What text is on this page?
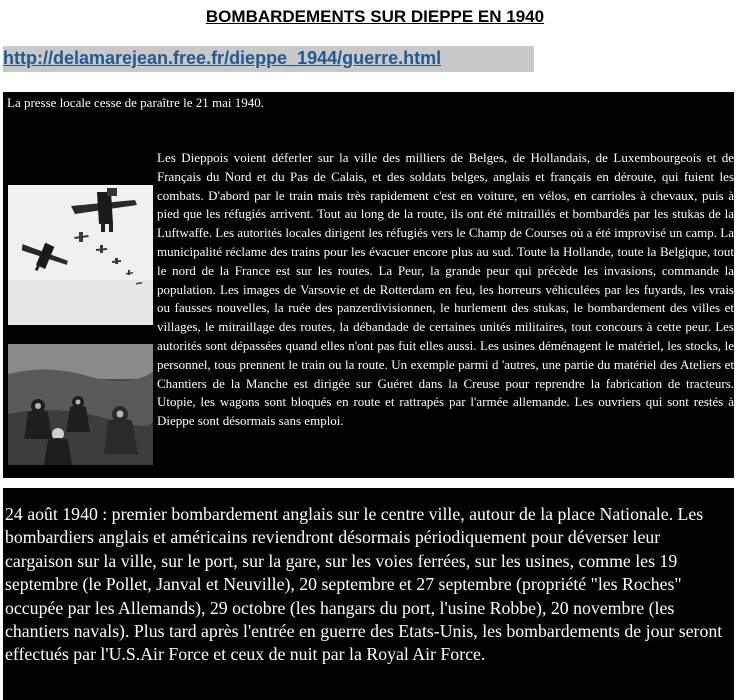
BOMBARDEMENTS SUR DIEPPE EN 1940
http://delamarejean.free.fr/dieppe_1944/guerre.html
La presse locale cesse de paraître le 21 mai 1940.

Les Dieppois voient déferler sur la ville des milliers de Belges, de Hollandais, de Luxembourgeois et de Français du Nord et du Pas de Calais, et des soldats belges, anglais et français en déroute, qui fuient les combats. D'abord par le train mais très rapidement c'est en voiture, en vélos, en carrioles à chevaux, puis à pied que les réfugiés arrivent. Tout au long de la route, ils ont été mitraillés et bombardés par les stukas de la Luftwaffe. Les autorités locales dirigent les réfugiés vers le Champ de Courses où a été improvisé un camp. La municipalité réclame des trains pour les évacuer encore plus au sud. Toute la Hollande, toute la Belgique, tout le nord de la France est sur les routes. La Peur, la grande peur qui précède les invasions, commande la population. Les images de Varsovie et de Rotterdam en feu, les horreurs véhiculées par les fuyards, les vrais ou fausses nouvelles, la ruée des panzerdivisionnen, le hurlement des stukas, le bombardement des villes et villages, le mitraillage des routes, la débandade de certaines unités militaires, tout concours à cette peur. Les autorités sont dépassées quand elles n'ont pas fuit elles aussi. Les usines déménagent le matériel, les stocks, le personnel, tous prennent le train ou la route. Un exemple parmi d 'autres, une partie du matériel des Ateliers et Chantiers de la Manche est dirigée sur Guéret dans la Creuse pour reprendre la fabrication de tracteurs. Utopie, les wagons sont bloqués en route et rattrapés par l'armée allemande. Les ouvriers qui sont restés à Dieppe sont désormais sans emploi.

24 août 1940 : premier bombardement anglais sur le centre ville, autour de la place Nationale. Les bombardiers anglais et américains reviendront désormais périodiquement pour déverser leur cargaison sur la ville, sur le port, sur la gare, sur les voies ferrées, sur les usines, comme les 19 septembre (le Pollet, Janval et Neuville), 20 septembre et 27 septembre (propriété "les Roches" occupée par les Allemands), 29 octobre (les hangars du port, l'usine Robbe), 20 novembre (les chantiers navals). Plus tard après l'entrée en guerre des Etats-Unis, les bombardements de jour seront effectués par l'U.S.Air Force et ceux de nuit par la Royal Air Force.
